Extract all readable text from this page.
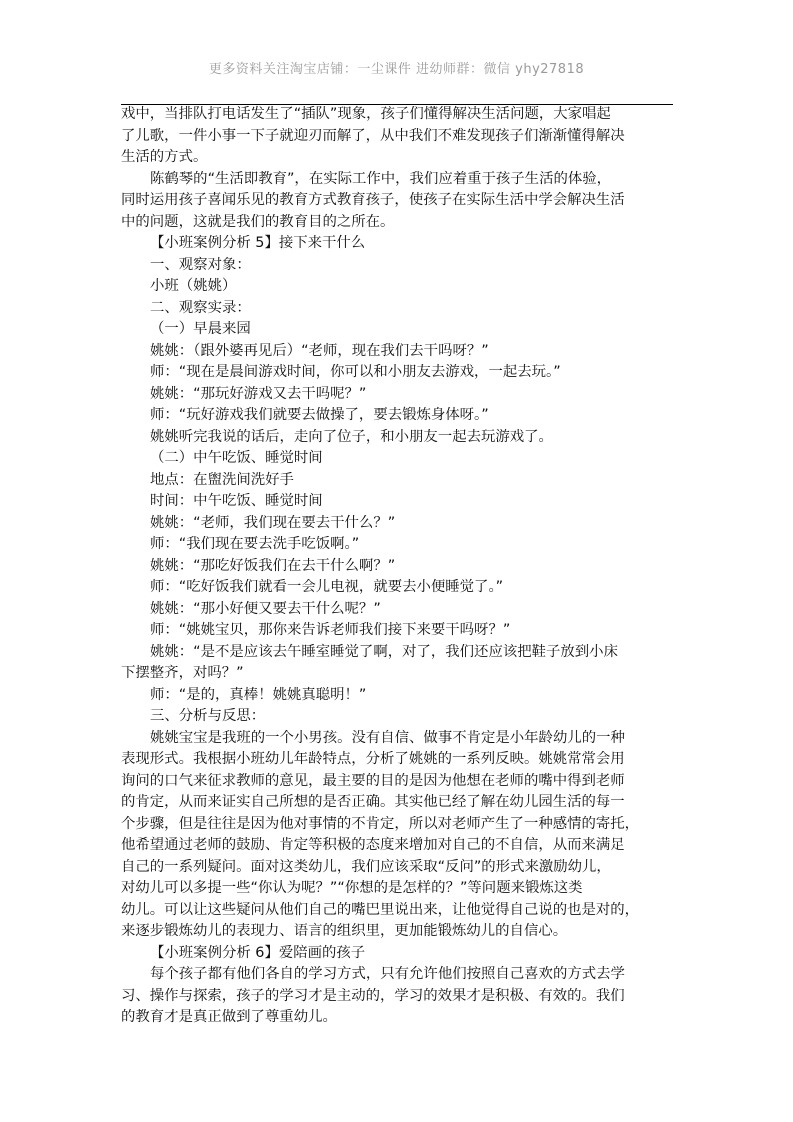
更多资料关注淘宝店铺：一尘课件 进幼师群：微信 yhy27818
戏中，当排队打电话发生了“插队”现象，孩子们懂得解决生活问题，大家唱起
了儿歌，一件小事一下子就迎刃而解了，从中我们不难发现孩子们渐渐懂得解决
生活的方式。
陈鹤琴的“生活即教育”，在实际工作中，我们应着重于孩子生活的体验，
同时运用孩子喜闻乐见的教育方式教育孩子，使孩子在实际生活中学会解决生活
中的问题，这就是我们的教育目的之所在。
【小班案例分析 5】接下来干什么
一、观察对象：
小班（姚姚）
二、观察实录：
（一）早晨来园
姚姚：（跟外婆再见后）“老师，现在我们去干吗呀？”
师：“现在是晨间游戏时间，你可以和小朋友去游戏，一起去玩。”
姚姚：“那玩好游戏又去干吗呢？”
师：“玩好游戏我们就要去做操了，要去锻炼身体呀。”
姚姚听完我说的话后，走向了位子，和小朋友一起去玩游戏了。
（二）中午吃饭、睡觉时间
地点：在盥洗间洗好手
时间：中午吃饭、睡觉时间
姚姚：“老师，我们现在要去干什么？”
师：“我们现在要去洗手吃饭啊。”
姚姚：“那吃好饭我们在去干什么啊？”
师：“吃好饭我们就看一会儿电视，就要去小便睡觉了。”
姚姚：“那小好便又要去干什么呢？”
师：“姚姚宝贝，那你来告诉老师我们接下来要干吗呀？”
姚姚：“是不是应该去午睡室睡觉了啊，对了，我们还应该把鞋子放到小床
下摆整齐，对吗？”
师：“是的，真棒！姚姚真聪明！”
三、分析与反思：
姚姚宝宝是我班的一个小男孩。没有自信、做事不肯定是小年龄幼儿的一种
表现形式。我根据小班幼儿年龄特点，分析了姚姚的一系列反映。姚姚常常会用
询问的口气来征求教师的意见，最主要的目的是因为他想在老师的嘴中得到老师
的肯定，从而来证实自己所想的是否正确。其实他已经了解在幼儿园生活的每一
个步骤，但是往往是因为他对事情的不肯定，所以对老师产生了一种感情的寄托，
他希望通过老师的鼓励、肯定等积极的态度来增加对自己的不自信，从而来满足
自己的一系列疑问。面对这类幼儿，我们应该采取“反问”的形式来激励幼儿，
对幼儿可以多提一些“你认为呢？”“你想的是怎样的？”等问题来锻炼这类
幼儿。可以让这些疑问从他们自己的嘴巴里说出来，让他觉得自己说的也是对的，
来逐步锻炼幼儿的表现力、语言的组织里，更加能锻炼幼儿的自信心。
【小班案例分析 6】爱陪画的孩子
每个孩子都有他们各自的学习方式，只有允许他们按照自己喜欢的方式去学
习、操作与探索，孩子的学习才是主动的，学习的效果才是积极、有效的。我们
的教育才是真正做到了尊重幼儿。
